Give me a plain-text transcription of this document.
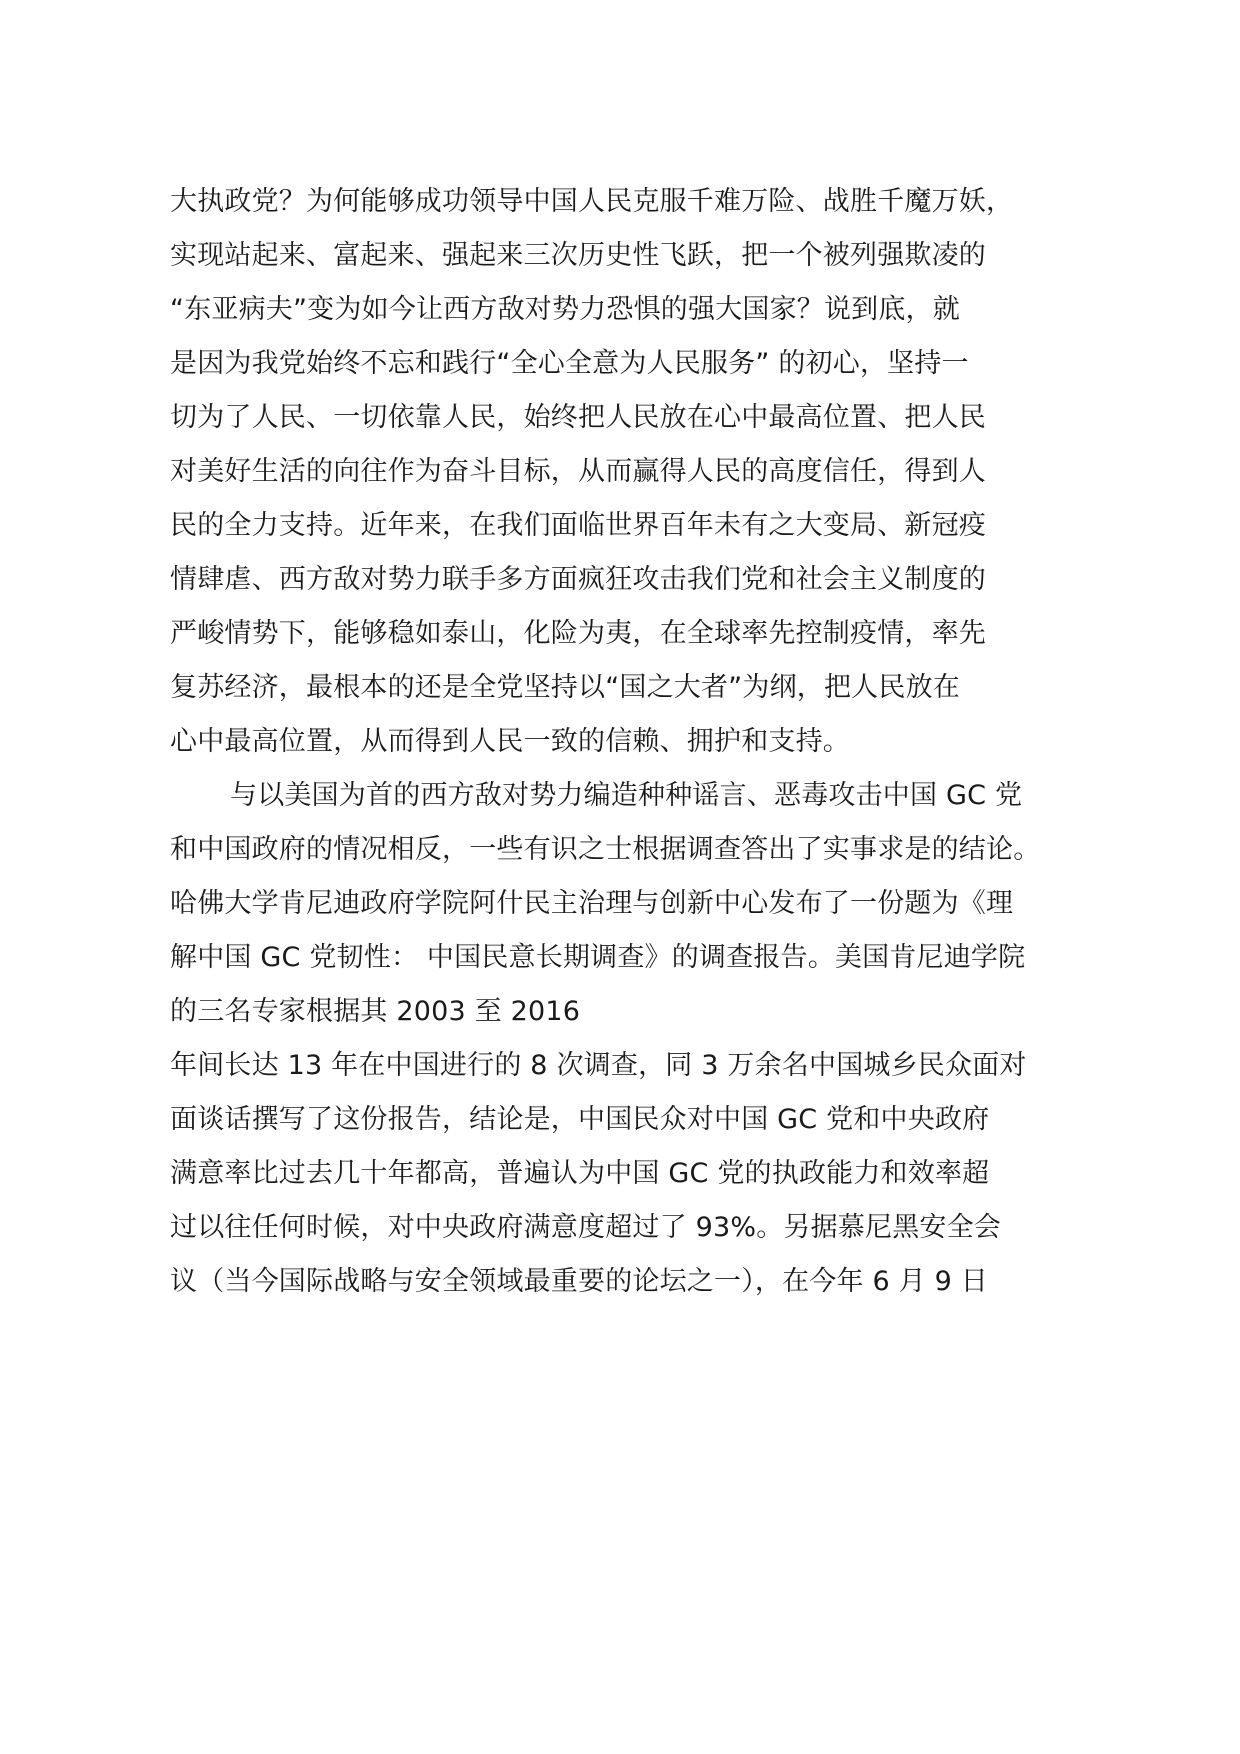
大执政党？为何能够成功领导中国人民克服千难万险、战胜千魔万妖，
实现站起来、富起来、强起来三次历史性飞跃，把一个被列强欺凌的
“东亚病夫”变为如今让西方敌对势力恐惧的强大国家？说到底，就
是因为我党始终不忘和践行“全心全意为人民服务” 的初心，坚持一
切为了人民、一切依靠人民，始终把人民放在心中最高位置、把人民
对美好生活的向往作为奋斗目标，从而赢得人民的高度信任，得到人
民的全力支持。近年来，在我们面临世界百年未有之大变局、新冠疫
情肆虐、西方敌对势力联手多方面疯狂攻击我们党和社会主义制度的
严峻情势下，能够稳如泰山，化险为夷，在全球率先控制疫情，率先
复苏经济，最根本的还是全党坚持以“国之大者”为纲，把人民放在
心中最高位置，从而得到人民一致的信赖、拥护和支持。
与以美国为首的西方敌对势力编造种种谣言、恶毒攻击中国 GC 党
和中国政府的情况相反，一些有识之士根据调查答出了实事求是的结论。
哈佛大学肯尼迪政府学院阿什民主治理与创新中心发布了一份题为《理
解中国 GC 党韧性： 中国民意长期调查》的调查报告。美国肯尼迪学院
的三名专家根据其 2003 至 2016
年间长达 13 年在中国进行的 8 次调查，同 3 万余名中国城乡民众面对
面谈话撰写了这份报告，结论是，中国民众对中国 GC 党和中央政府
满意率比过去几十年都高，普遍认为中国 GC 党的执政能力和效率超
过以往任何时候，对中央政府满意度超过了 93%。另据慕尼黑安全会
议（当今国际战略与安全领域最重要的论坛之一），在今年 6 月 9 日
